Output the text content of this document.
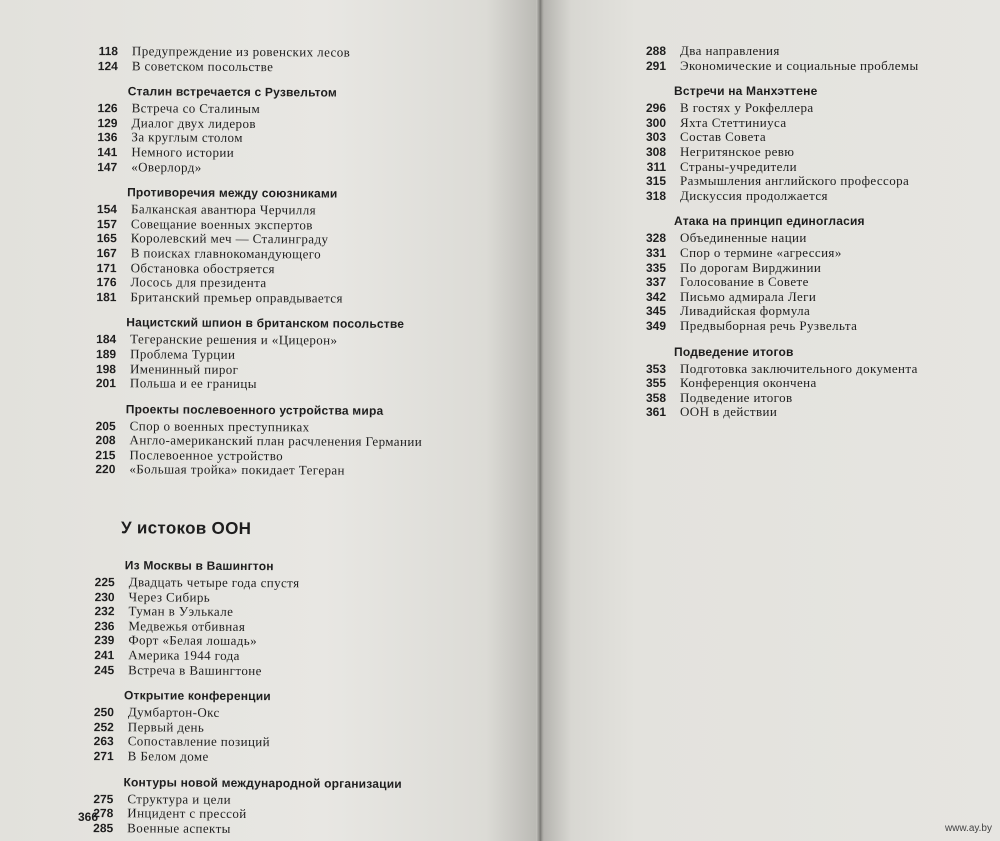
118	Предупреждение из ровенских лесов
124	В советском посольстве
Сталин встречается с Рузвельтом
126	Встреча со Сталиным
129	Диалог двух лидеров
136	За круглым столом
141	Немного истории
147	«Оверлорд»
Противоречия между союзниками
154	Балканская авантюра Черчилля
157	Совещание военных экспертов
165	Королевский меч — Сталинграду
167	В поисках главнокомандующего
171	Обстановка обостряется
176	Лосось для президента
181	Британский премьер оправдывается
Нацистский шпион в британском посольстве
184	Тегеранские решения и «Цицерон»
189	Проблема Турции
198	Именинный пирог
201	Польша и ее границы
Проекты послевоенного устройства мира
205	Спор о военных преступниках
208	Англо-американский план расчленения Германии
215	Послевоенное устройство
220	«Большая тройка» покидает Тегеран
У истоков ООН
Из Москвы в Вашингтон
225	Двадцать четыре года спустя
230	Через Сибирь
232	Туман в Уэлькале
236	Медвежья отбивная
239	Форт «Белая лошадь»
241	Америка 1944 года
245	Встреча в Вашингтоне
Открытие конференции
250	Думбартон-Окс
252	Первый день
263	Сопоставление позиций
271	В Белом доме
Контуры новой международной организации
275	Структура и цели
278	Инцидент с прессой
285	Военные аспекты
366
288	Два направления
291	Экономические и социальные проблемы
Встречи на Манхэттене
296	В гостях у Рокфеллера
300	Яхта Стеттиниуса
303	Состав Совета
308	Негритянское ревю
311	Страны-учредители
315	Размышления английского профессора
318	Дискуссия продолжается
Атака на принцип единогласия
328	Объединенные нации
331	Спор о термине «агрессия»
335	По дорогам Вирджинии
337	Голосование в Совете
342	Письмо адмирала Леги
345	Ливадийская формула
349	Предвыборная речь Рузвельта
Подведение итогов
353	Подготовка заключительного документа
355	Конференция окончена
358	Подведение итогов
361	ООН в действии
www.ay.by
